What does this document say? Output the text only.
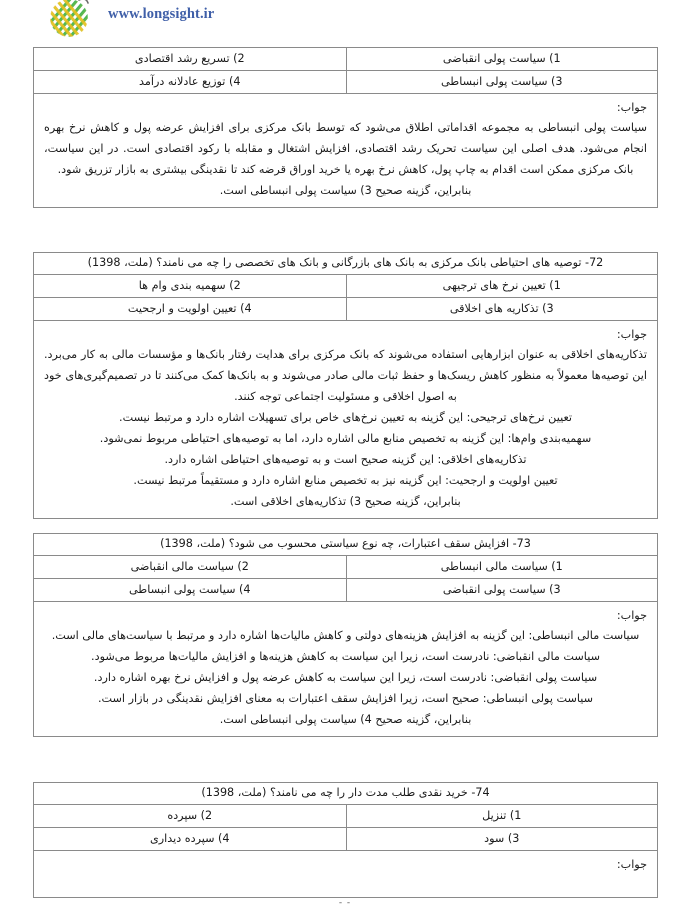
www.longsight.ir
1) سیاست پولی انقباضی
2) تسریع رشد اقتصادی
3) سیاست پولی انبساطی
4) توزیع عادلانه درآمد
جواب:

سیاست پولی انبساطی به مجموعه اقداماتی اطلاق می‌شود که توسط بانک مرکزی برای افزایش عرضه پول و کاهش نرخ بهره انجام می‌شود. هدف اصلی این سیاست تحریک رشد اقتصادی، افزایش اشتغال و مقابله با رکود اقتصادی است. در این سیاست، بانک مرکزی ممکن است اقدام به چاپ پول، کاهش نرخ بهره یا خرید اوراق قرضه کند تا نقدینگی بیشتری به بازار تزریق شود.

بنابراین، گزینه صحیح 3) سیاست پولی انبساطی است.

72- توصیه های احتیاطی بانک مرکزی به بانک های بازرگانی و بانک های تخصصی را چه می نامند؟ (ملت، 1398)
1) تعیین نرخ های ترجیهی
2) سهمیه بندی وام ها
3) تذکاریه های اخلاقی
4) تعیین اولویت و ارجحیت
جواب:

تذکاریه‌های اخلاقی به عنوان ابزارهایی استفاده می‌شوند که بانک مرکزی برای هدایت رفتار بانک‌ها و مؤسسات مالی به کار می‌برد. این توصیه‌ها معمولاً به منظور کاهش ریسک‌ها و حفظ ثبات مالی صادر می‌شوند و به بانک‌ها کمک می‌کنند تا در تصمیم‌گیری‌های خود به اصول اخلاقی و مسئولیت اجتماعی توجه کنند.

تعیین نرخ‌های ترجیحی: این گزینه به تعیین نرخ‌های خاص برای تسهیلات اشاره دارد و مرتبط نیست.

سهمیه‌بندی وام‌ها: این گزینه به تخصیص منابع مالی اشاره دارد، اما به توصیه‌های احتیاطی مربوط نمی‌شود.

تذکاریه‌های اخلاقی: این گزینه صحیح است و به توصیه‌های احتیاطی اشاره دارد.

تعیین اولویت و ارجحیت: این گزینه نیز به تخصیص منابع اشاره دارد و مستقیماً مرتبط نیست.

بنابراین، گزینه صحیح 3) تذکاریه‌های اخلاقی است.

73- افزایش سقف اعتبارات، چه نوع سیاستی محسوب می شود؟ (ملت، 1398)
1) سیاست مالی انبساطی
2) سیاست مالی انقباضی
3) سیاست پولی انقباضی
4) سیاست پولی انبساطی
جواب:

سیاست مالی انبساطی: این گزینه به افزایش هزینه‌های دولتی و کاهش مالیات‌ها اشاره دارد و مرتبط با سیاست‌های مالی است.

سیاست مالی انقباضی: نادرست است، زیرا این سیاست به کاهش هزینه‌ها و افزایش مالیات‌ها مربوط می‌شود.

سیاست پولی انقباضی: نادرست است، زیرا این سیاست به کاهش عرضه پول و افزایش نرخ بهره اشاره دارد.

سیاست پولی انبساطی: صحیح است، زیرا افزایش سقف اعتبارات به معنای افزایش نقدینگی در بازار است.

بنابراین، گزینه صحیح 4) سیاست پولی انبساطی است.

74- خرید نقدی طلب مدت دار را چه می نامند؟ (ملت، 1398)
1) تنزیل
2) سپرده
3) سود
4) سپرده دیداری
جواب:
- -
